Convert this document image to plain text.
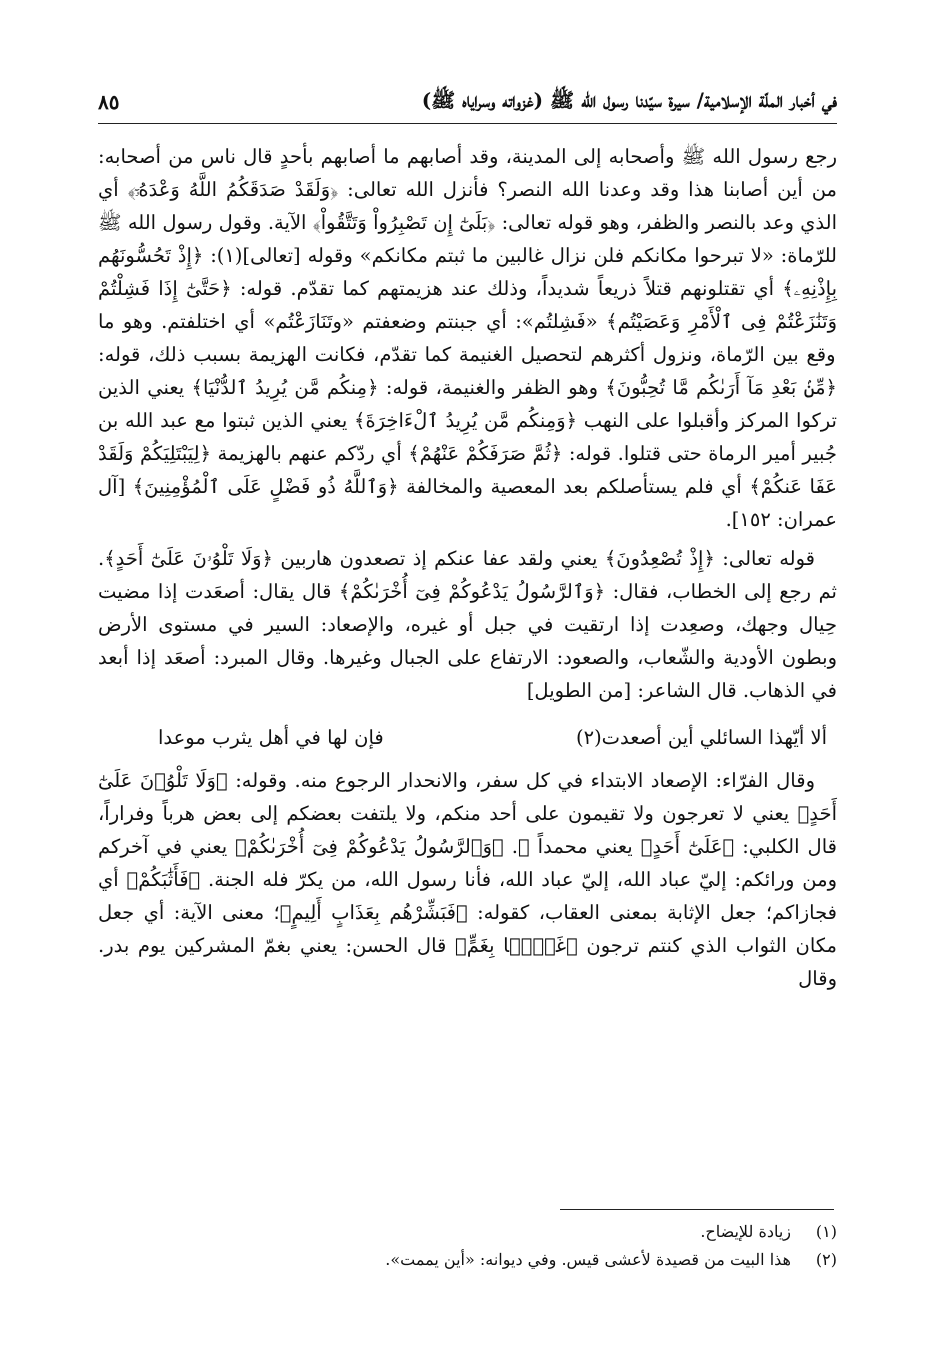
في أخبار الملّة الإسلامية/ سيرة سيّدنا رسول الله ﷺ (غزواته وسراياه ﷺ)
٨٥

رجع رسول الله ﷺ وأصحابه إلى المدينة، وقد أصابهم ما أصابهم بأحدٍ قال ناس من أصحابه: من أين أصابنا هذا وقد وعدنا الله النصر؟ فأنزل الله تعالى: ﴿وَلَقَدْ صَدَقَكُمُ اللَّهُ وَعْدَهُۥٓ﴾ أي الذي وعد بالنصر والظفر، وهو قوله تعالى: ﴿بَلَىٰٓ إِن تَصْبِرُواْ وَتَتَّقُواْ﴾ الآية. وقول رسول الله ﷺ للرّماة: «لا تبرحوا مكانكم فلن نزال غالبين ما ثبتم مكانكم» وقوله [تعالى](١): ﴿إِذْ تَحُسُّونَهُم بِإِذْنِهِۦ﴾ أي تقتلونهم قتلاً ذريعاً شديداً، وذلك عند هزيمتهم كما تقدّم. قوله: ﴿حَتَّىٰٓ إِذَا فَشِلْتُمْ وَتَنَٰزَعْتُمْ فِى ٱلْأَمْرِ وَعَصَيْتُم﴾ «فَشِلتُم»: أي جبنتم وضعفتم «وتَنَازَعْتُم» أي اختلفتم. وهو ما وقع بين الرّماة، ونزول أكثرهم لتحصيل الغنيمة كما تقدّم، فكانت الهزيمة بسبب ذلك، قوله: ﴿مِّنۢ بَعْدِ مَآ أَرَىٰكُم مَّا تُحِبُّونَ﴾ وهو الظفر والغنيمة، قوله: ﴿مِنكُم مَّن يُرِيدُ ٱلدُّنْيَا﴾ يعني الذين تركوا المركز وأقبلوا على النهب ﴿وَمِنكُم مَّن يُرِيدُ ٱلْءَاخِرَةَ﴾ يعني الذين ثبتوا مع عبد الله بن جُبير أمير الرماة حتى قتلوا. قوله: ﴿ثُمَّ صَرَفَكُمْ عَنْهُمْ﴾ أي ردّكم عنهم بالهزيمة ﴿لِيَبْتَلِيَكُمْ وَلَقَدْ عَفَا عَنكُمْ﴾ أي فلم يستأصلكم بعد المعصية والمخالفة ﴿وَٱللَّهُ ذُو فَضْلٍ عَلَى ٱلْمُؤْمِنِينَ﴾ [آل عمران: ١٥٢].

قوله تعالى: ﴿إِذْ تُصْعِدُونَ﴾ يعني ولقد عفا عنكم إذ تصعدون هاربين ﴿وَلَا تَلْوُۥنَ عَلَىٰٓ أَحَدٍ﴾. ثم رجع إلى الخطاب، فقال: ﴿وَٱلرَّسُولُ يَدْعُوكُمْ فِىٓ أُخْرَىٰكُمْ﴾ قال يقال: أصعَدت إذا مضيت حِيال وجهك، وصعِدت إذا ارتقيت في جبل أو غيره، والإصعاد: السير في مستوى الأرض وبطون الأودية والشّعاب، والصعود: الارتفاع على الجبال وغيرها. وقال المبرد: أصعَد إذا أبعد في الذهاب. قال الشاعر: [من الطويل]

ألا أيّهذا السائلي أين أصعدت(٢)
فإن لها في أهل يثرب موعدا

وقال الفرّاء: الإصعاد الابتداء في كل سفر، والانحدار الرجوع منه. وقوله: ﴿وَلَا تَلْوُۥنَ عَلَىٰٓ أَحَدٍ﴾ يعني لا تعرجون ولا تقيمون على أحد منكم، ولا يلتفت بعضكم إلى بعض هرباً وفراراً، قال الكلبي: ﴿عَلَىٰٓ أَحَدٍ﴾ يعني محمداً ﷺ. ﴿وَٱلرَّسُولُ يَدْعُوكُمْ فِىٓ أُخْرَىٰكُمْ﴾ يعني في آخركم ومن ورائكم: إليّ عباد الله، إليّ عباد الله، فأنا رسول الله، من يكرّ فله الجنة. ﴿فَأَثَٰبَكُمْ﴾ أي فجازاكم؛ جعل الإثابة بمعنى العقاب، كقوله: ﴿فَبَشِّرْهُم بِعَذَابٍ أَلِيمٍ﴾؛ معنى الآية: أي جعل مكان الثواب الذي كنتم ترجون ﴿غَمًّۢا بِغَمٍّ﴾ قال الحسن: يعني بغمّ المشركين يوم بدر. وقال

(١)
زيادة للإيضاح.
(٢)
هذا البيت من قصيدة لأعشى قيس. وفي ديوانه: «أين يممت».
